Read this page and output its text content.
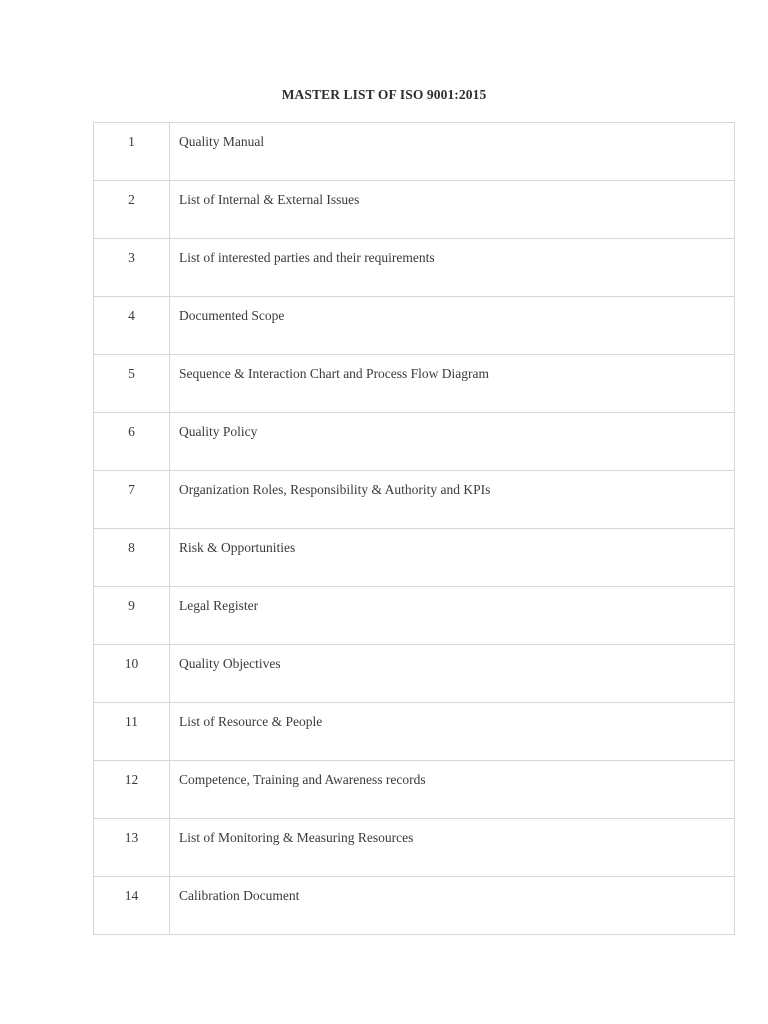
MASTER LIST OF ISO 9001:2015
1	Quality Manual
2	List of Internal & External Issues
3	List of interested parties and their requirements
4	Documented Scope
5	Sequence & Interaction Chart and Process Flow Diagram
6	Quality Policy
7	Organization Roles, Responsibility & Authority and KPIs
8	Risk & Opportunities
9	Legal Register
10	Quality Objectives
11	List of Resource & People
12	Competence, Training and Awareness records
13	List of Monitoring & Measuring Resources
14	Calibration Document
